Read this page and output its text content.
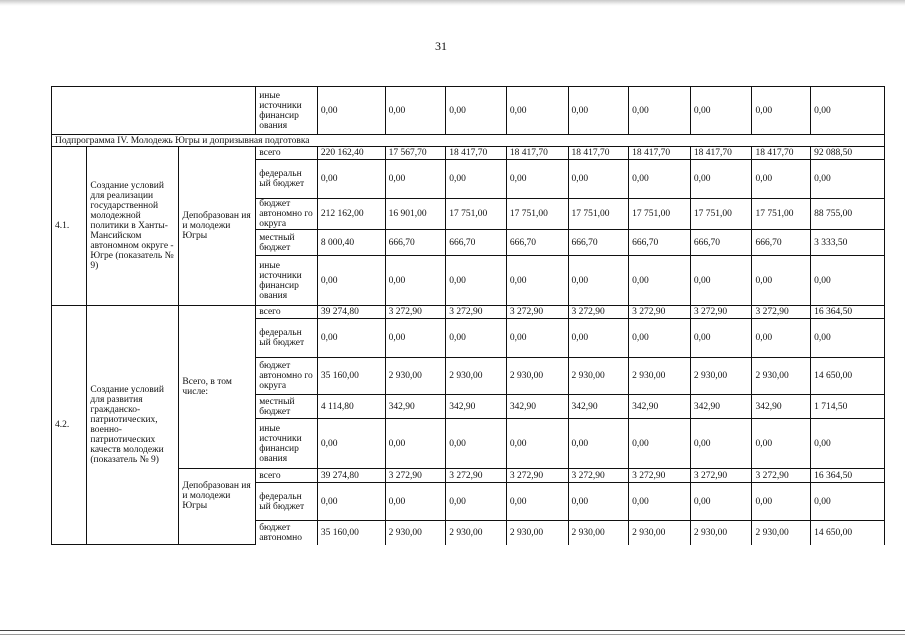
31
			иные источники финансир ования	0,00	0,00	0,00	0,00	0,00	0,00	0,00	0,00	0,00
Подпрограмма IV. Молодежь Югры и допризывная подготовка												
4.1.	Создание условий для реализации государственной молодежной политики в Ханты-Мансийском автономном округе - Югре (показатель № 9)	Депобразован ия и молодежи Югры	всего	220 162,40	17 567,70	18 417,70	18 417,70	18 417,70	18 417,70	18 417,70	18 417,70	92 088,50
			федеральн ый бюджет	0,00	0,00	0,00	0,00	0,00	0,00	0,00	0,00	0,00
			бюджет автономно го округа	212 162,00	16 901,00	17 751,00	17 751,00	17 751,00	17 751,00	17 751,00	17 751,00	88 755,00
			местный бюджет	8 000,40	666,70	666,70	666,70	666,70	666,70	666,70	666,70	3 333,50
			иные источники финансир ования	0,00	0,00	0,00	0,00	0,00	0,00	0,00	0,00	0,00
4.2.	Создание условий для развития гражданско-патриотических, военно-патриотических качеств молодежи (показатель № 9)	Всего, в том числе:	всего	39 274,80	3 272,90	3 272,90	3 272,90	3 272,90	3 272,90	3 272,90	3 272,90	16 364,50
			федеральн ый бюджет	0,00	0,00	0,00	0,00	0,00	0,00	0,00	0,00	0,00
			бюджет автономно го округа	35 160,00	2 930,00	2 930,00	2 930,00	2 930,00	2 930,00	2 930,00	2 930,00	14 650,00
			местный бюджет	4 114,80	342,90	342,90	342,90	342,90	342,90	342,90	342,90	1 714,50
			иные источники финансир ования	0,00	0,00	0,00	0,00	0,00	0,00	0,00	0,00	0,00
		Депобразован ия и молодежи Югры	всего	39 274,80	3 272,90	3 272,90	3 272,90	3 272,90	3 272,90	3 272,90	3 272,90	16 364,50
			федеральн ый бюджет	0,00	0,00	0,00	0,00	0,00	0,00	0,00	0,00	0,00
			бюджет автономно	35 160,00	2 930,00	2 930,00	2 930,00	2 930,00	2 930,00	2 930,00	2 930,00	14 650,00
